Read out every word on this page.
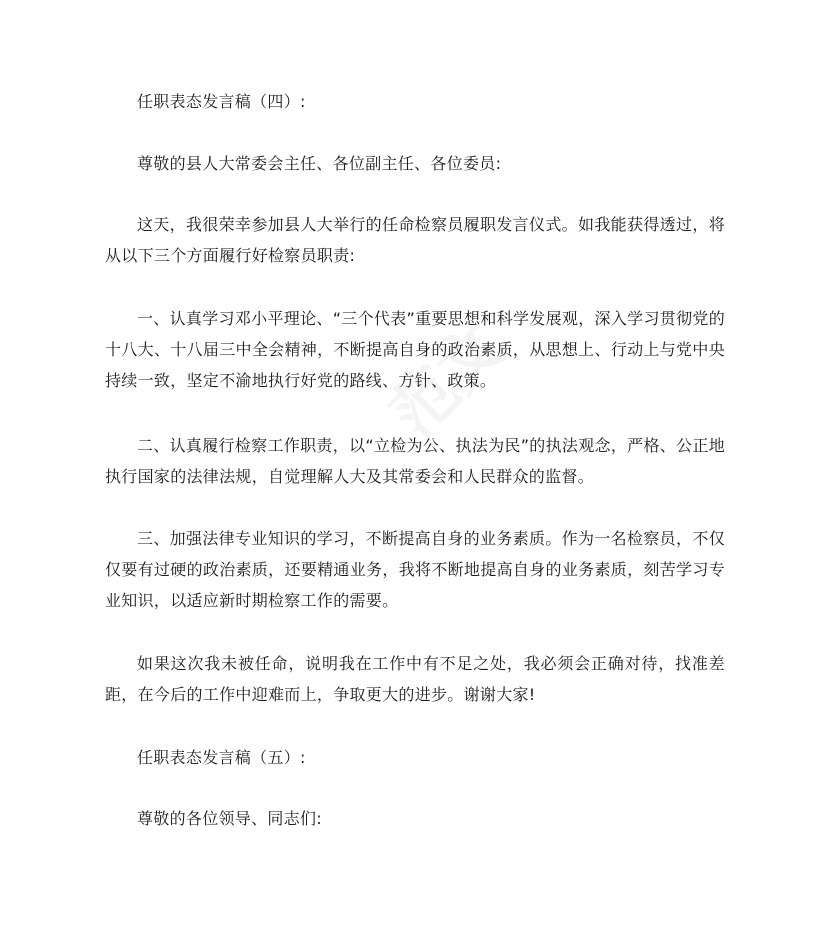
任职表态发言稿（四）:

尊敬的县人大常委会主任、各位副主任、各位委员:

这天，我很荣幸参加县人大举行的任命检察员履职发言仪式。如我能获得透过，将从以下三个方面履行好检察员职责:

一、认真学习邓小平理论、“三个代表”重要思想和科学发展观，深入学习贯彻党的十八大、十八届三中全会精神，不断提高自身的政治素质，从思想上、行动上与党中央持续一致，坚定不渝地执行好党的路线、方针、政策。

二、认真履行检察工作职责，以“立检为公、执法为民”的执法观念，严格、公正地执行国家的法律法规，自觉理解人大及其常委会和人民群众的监督。

三、加强法律专业知识的学习，不断提高自身的业务素质。作为一名检察员，不仅仅要有过硬的政治素质，还要精通业务，我将不断地提高自身的业务素质，刻苦学习专业知识，以适应新时期检察工作的需要。

如果这次我未被任命，说明我在工作中有不足之处，我必须会正确对待，找准差距，在今后的工作中迎难而上，争取更大的进步。谢谢大家!

任职表态发言稿（五）:

尊敬的各位领导、同志们:
